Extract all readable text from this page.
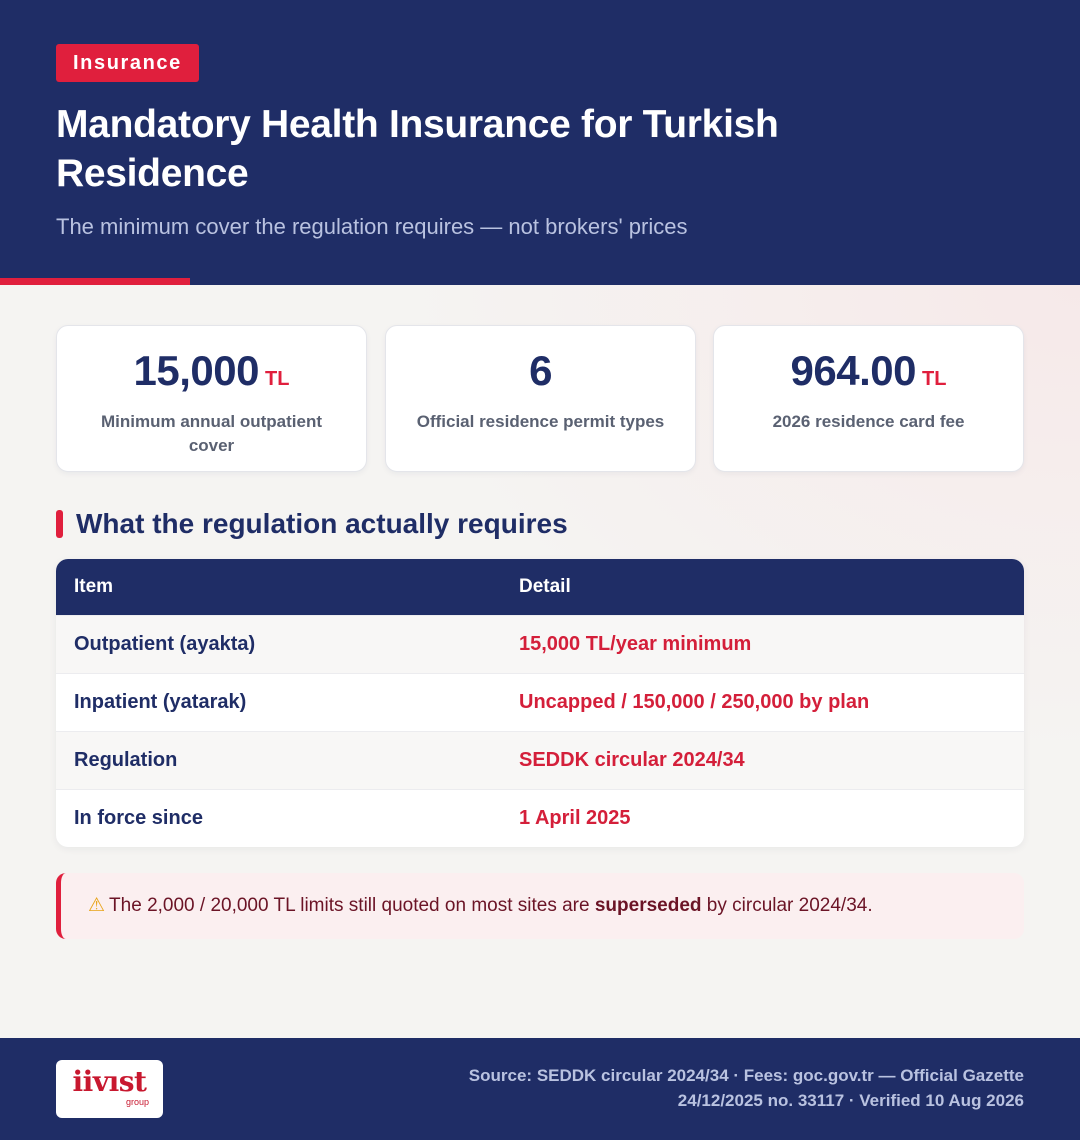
Insurance
Mandatory Health Insurance for Turkish Residence
The minimum cover the regulation requires — not brokers' prices
15,000 TL
Minimum annual outpatient cover
6
Official residence permit types
964.00 TL
2026 residence card fee
What the regulation actually requires
Item	Detail
Outpatient (ayakta)	15,000 TL/year minimum
Inpatient (yatarak)	Uncapped / 150,000 / 250,000 by plan
Regulation	SEDDK circular 2024/34
In force since	1 April 2025
⚠ The 2,000 / 20,000 TL limits still quoted on most sites are superseded by circular 2024/34.
iivıst
group
Source: SEDDK circular 2024/34 · Fees: goc.gov.tr — Official Gazette
24/12/2025 no. 33117 · Verified 10 Aug 2026
